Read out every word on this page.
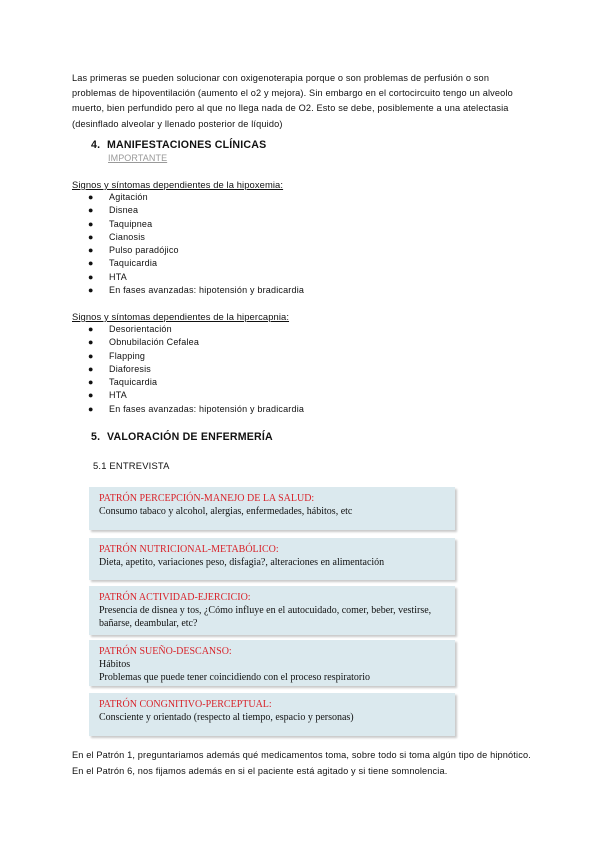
Las primeras se pueden solucionar con oxigenoterapia porque o son problemas de perfusión o son problemas de hipoventilación (aumento el o2 y mejora). Sin embargo en el cortocircuito tengo un alveolo muerto, bien perfundido pero al que no llega nada de O2. Esto se debe, posiblemente a una atelectasia (desinflado alveolar y llenado posterior de líquido)

4. MANIFESTACIONES CLÍNICAS
IMPORTANTE
Signos y síntomas dependientes de la hipoxemia:
● Agitación
● Disnea
● Taquipnea
● Cianosis
● Pulso paradójico
● Taquicardia
● HTA
● En fases avanzadas: hipotensión y bradicardia
Signos y síntomas dependientes de la hipercapnia:
● Desorientación
● Obnubilación Cefalea
● Flapping
● Diaforesis
● Taquicardia
● HTA
● En fases avanzadas: hipotensión y bradicardia
5. VALORACIÓN DE ENFERMERÍA
5.1 ENTREVISTA
PATRÓN PERCEPCIÓN-MANEJO DE LA SALUD:
Consumo tabaco y alcohol, alergias, enfermedades, hábitos, etc
PATRÓN NUTRICIONAL-METABÓLICO:
Dieta, apetito, variaciones peso, disfagia?, alteraciones en alimentación
PATRÓN ACTIVIDAD-EJERCICIO:
Presencia de disnea y tos, ¿Cómo influye en el autocuidado, comer, beber, vestirse, bañarse, deambular, etc?
PATRÓN SUEÑO-DESCANSO:
Hábitos
Problemas que puede tener coincidiendo con el proceso respiratorio
PATRÓN CONGNITIVO-PERCEPTUAL:
Consciente y orientado (respecto al tiempo, espacio y personas)

En el Patrón 1, preguntariamos además qué medicamentos toma, sobre todo si toma algún tipo de hipnótico. En el Patrón 6, nos fijamos además en si el paciente está agitado y si tiene somnolencia.
